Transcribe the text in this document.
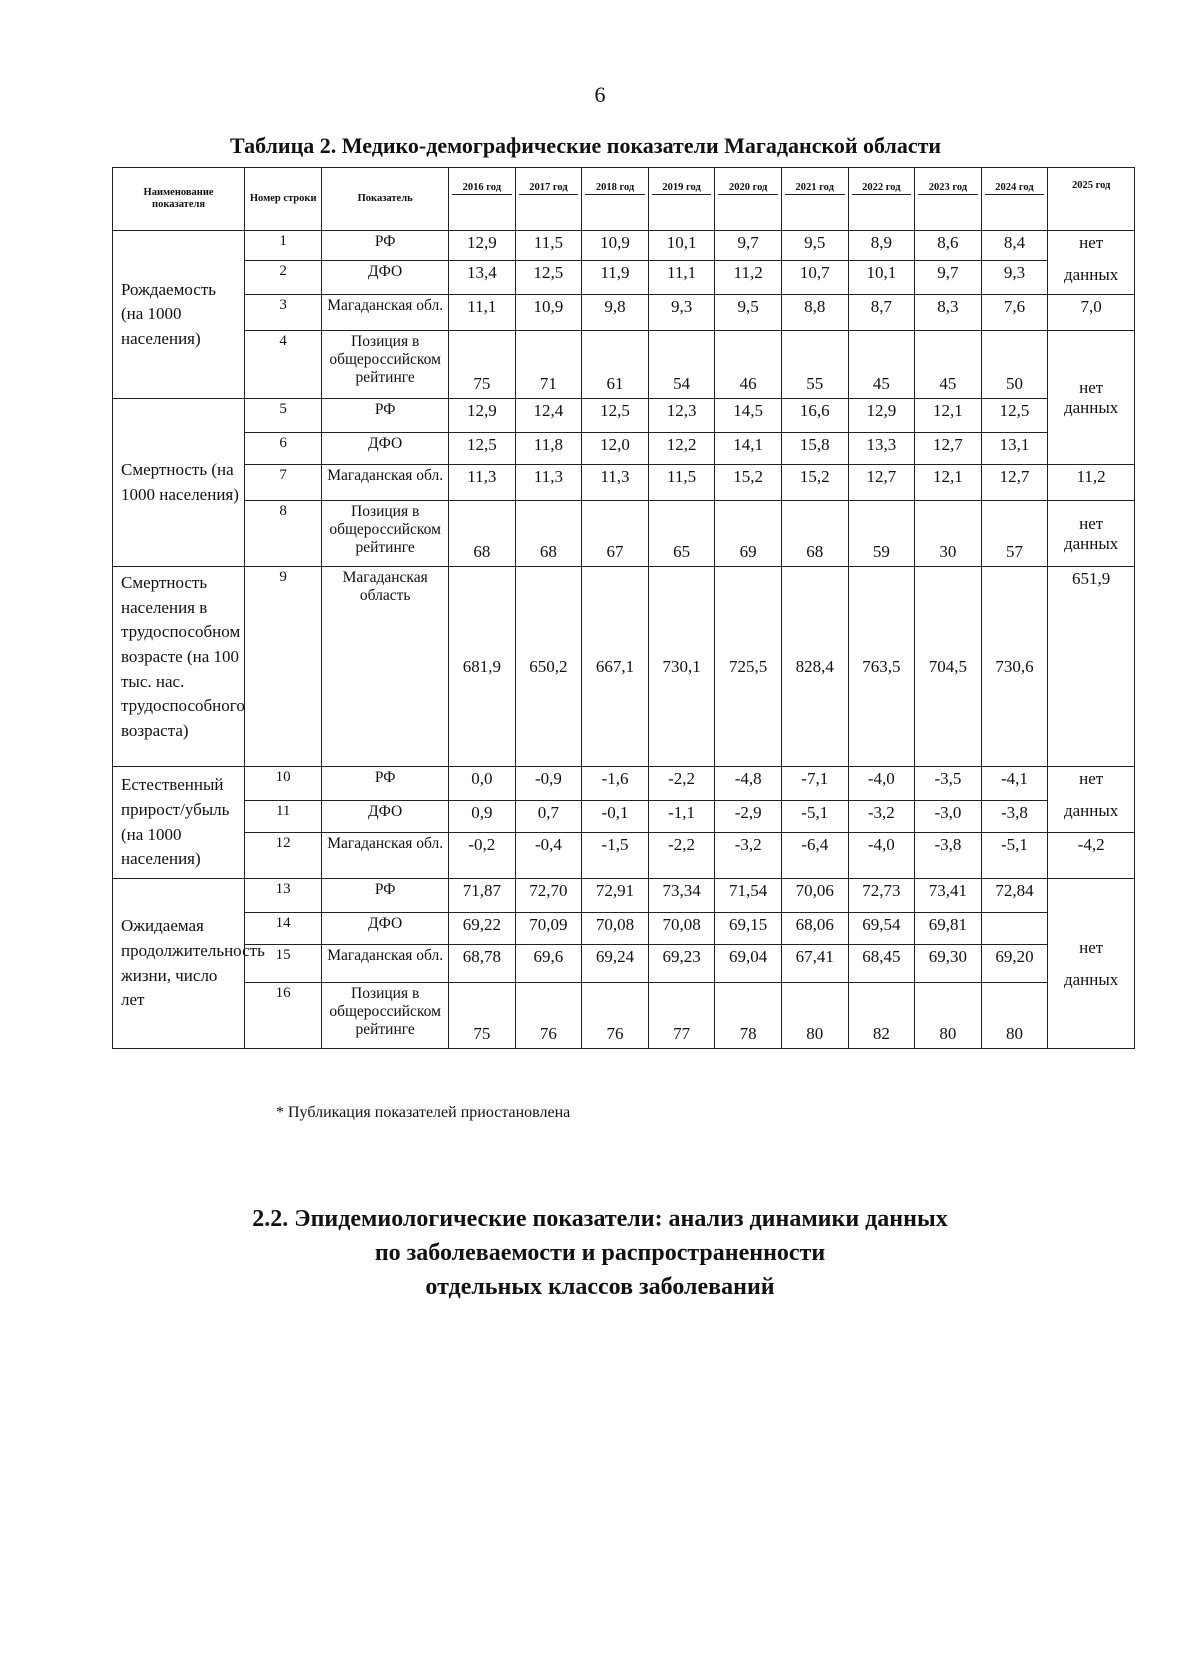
6
Таблица 2. Медико-демографические показатели Магаданской области
Наименование показателя	Номер строки	Показатель	2016 год	2017 год	2018 год	2019 год	2020 год	2021 год	2022 год	2023 год	2024 год	2025 год
Рождаемость (на 1000 населения)	1	РФ	12,9	11,5	10,9	10,1	9,7	9,5	8,9	8,6	8,4	нет
данных

	2	ДФО	13,4	12,5	11,9	11,1	11,2	10,7	10,1	9,7	9,3	
	3	Магаданская обл.	11,1	10,9	9,8	9,3	9,5	8,8	8,7	8,3	7,6	7,0

	4	Позиция в общероссийском рейтинге	75	71	61	54	46	55	45	45	50	нет данных

Смертность (на 1000 населения)	5	РФ	12,9	12,4	12,5	12,3	14,5	16,6	12,9	12,1	12,5	
	6	ДФО	12,5	11,8	12,0	12,2	14,1	15,8	13,3	12,7	13,1	
	7	Магаданская обл.	11,3	11,3	11,3	11,5	15,2	15,2	12,7	12,1	12,7	11,2

	8	Позиция в общероссийском рейтинге	68	68	67	65	69	68	59	30	57	нет данных

Смертность населения в трудоспособном возрасте (на 100 тыс. нас. трудоспособного возраста)	9	Магаданская область	681,9	650,2	667,1	730,1	725,5	828,4	763,5	704,5	730,6	651,9

Естественный прирост/убыль (на 1000 населения)	10	РФ	0,0	-0,9	-1,6	-2,2	-4,8	-7,1	-4,0	-3,5	-4,1	нет
данных

	11	ДФО	0,9	0,7	-0,1	-1,1	-2,9	-5,1	-3,2	-3,0	-3,8	
	12	Магаданская обл.	-0,2	-0,4	-1,5	-2,2	-3,2	-6,4	-4,0	-3,8	-5,1	-4,2

Ожидаемая продолжительность жизни, число лет	13	РФ	71,87	72,70	72,91	73,34	71,54	70,06	72,73	73,41	72,84	нет
данных

	14	ДФО	69,22	70,09	70,08	70,08	69,15	68,06	69,54	69,81		
	15	Магаданская обл.	68,78	69,6	69,24	69,23	69,04	67,41	68,45	69,30	69,20	
	16	Позиция в общероссийском рейтинге	75	76	76	77	78	80	82	80	80	
* Публикация показателей приостановлена
2.2. Эпидемиологические показатели: анализ динамики данных
по заболеваемости и распространенности
отдельных классов заболеваний
